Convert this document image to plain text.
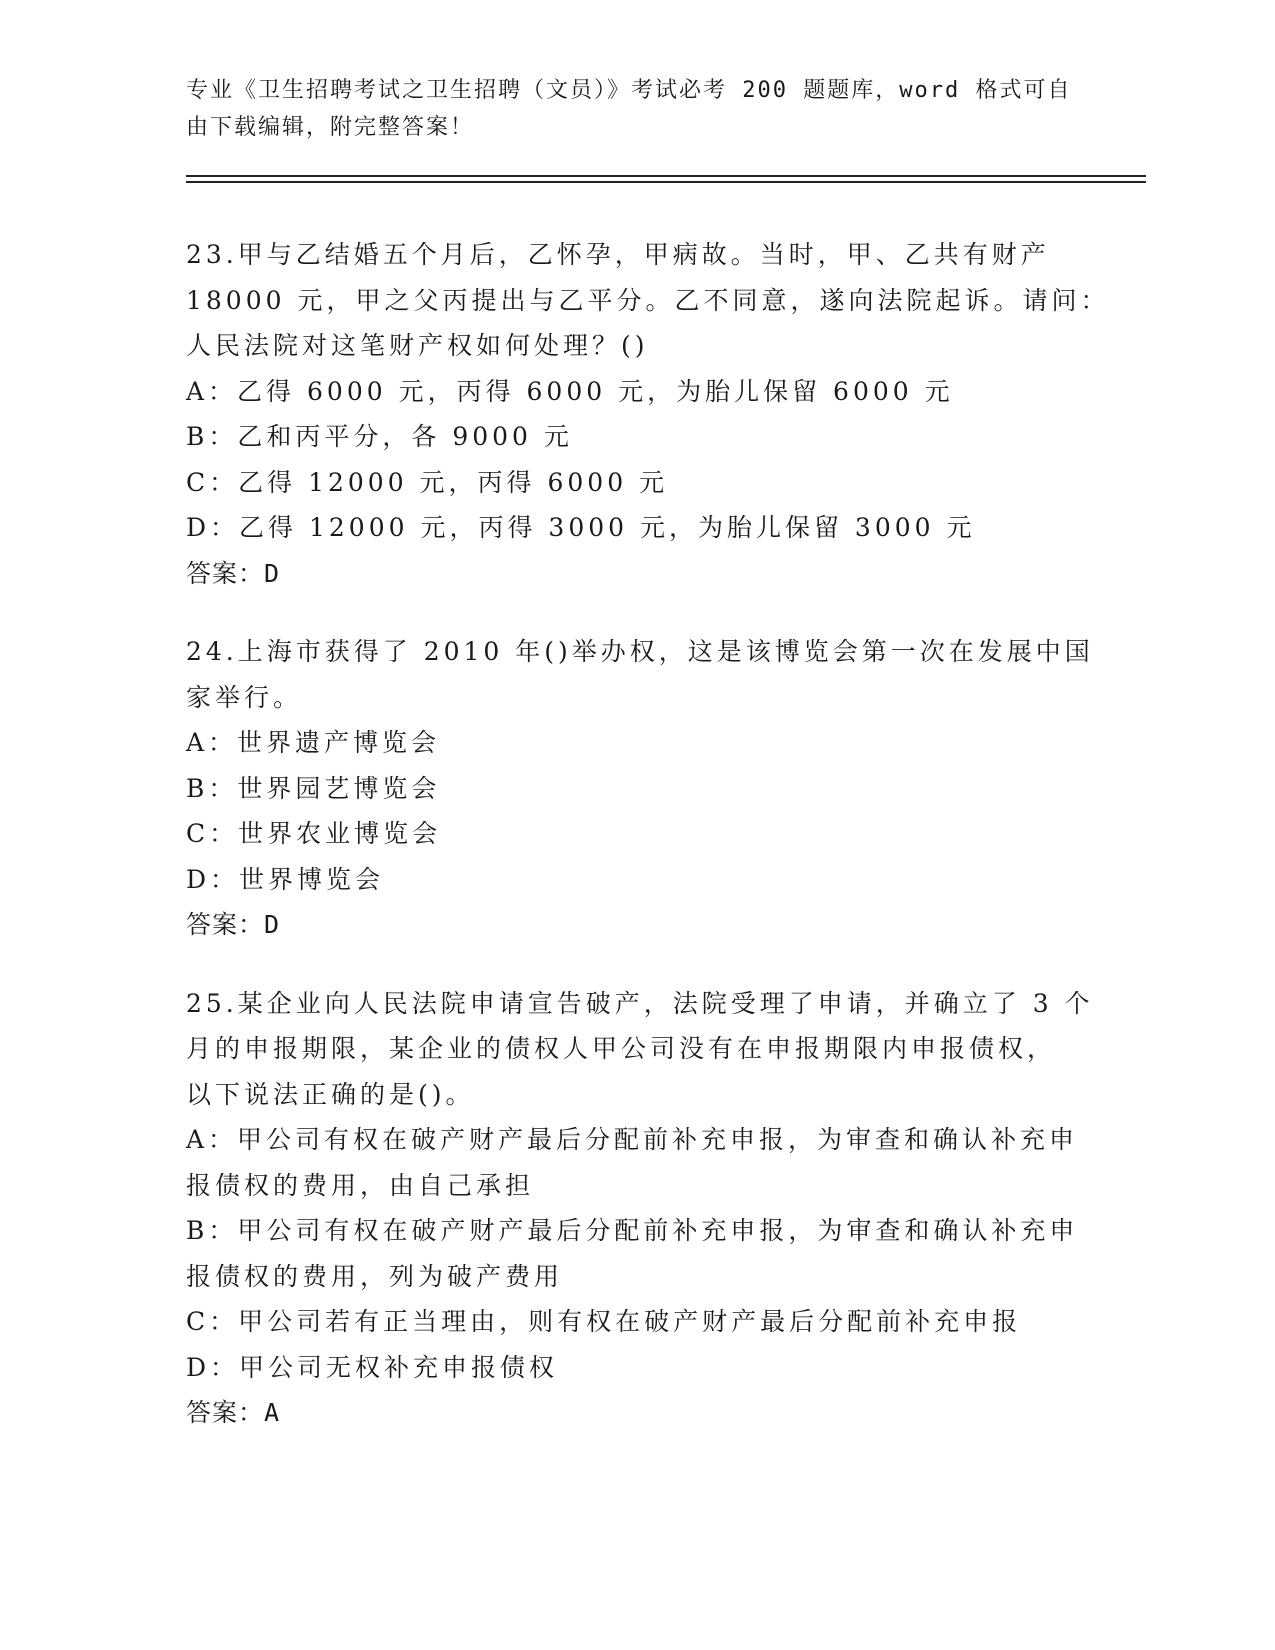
专业《卫生招聘考试之卫生招聘（文员）》考试必考 200 题题库，word 格式可自
由下载编辑，附完整答案！
23.甲与乙结婚五个月后，乙怀孕，甲病故。当时，甲、乙共有财产
18000 元，甲之父丙提出与乙平分。乙不同意，遂向法院起诉。请问：
人民法院对这笔财产权如何处理？()
A：乙得 6000 元，丙得 6000 元，为胎儿保留 6000 元
B：乙和丙平分，各 9000 元
C：乙得 12000 元，丙得 6000 元
D：乙得 12000 元，丙得 3000 元，为胎儿保留 3000 元
答案：D
24.上海市获得了 2010 年()举办权，这是该博览会第一次在发展中国
家举行。
A：世界遗产博览会
B：世界园艺博览会
C：世界农业博览会
D：世界博览会
答案：D
25.某企业向人民法院申请宣告破产，法院受理了申请，并确立了 3 个
月的申报期限，某企业的债权人甲公司没有在申报期限内申报债权，
以下说法正确的是()。
A：甲公司有权在破产财产最后分配前补充申报，为审查和确认补充申
报债权的费用，由自己承担
B：甲公司有权在破产财产最后分配前补充申报，为审查和确认补充申
报债权的费用，列为破产费用
C：甲公司若有正当理由，则有权在破产财产最后分配前补充申报
D：甲公司无权补充申报债权
答案：A
